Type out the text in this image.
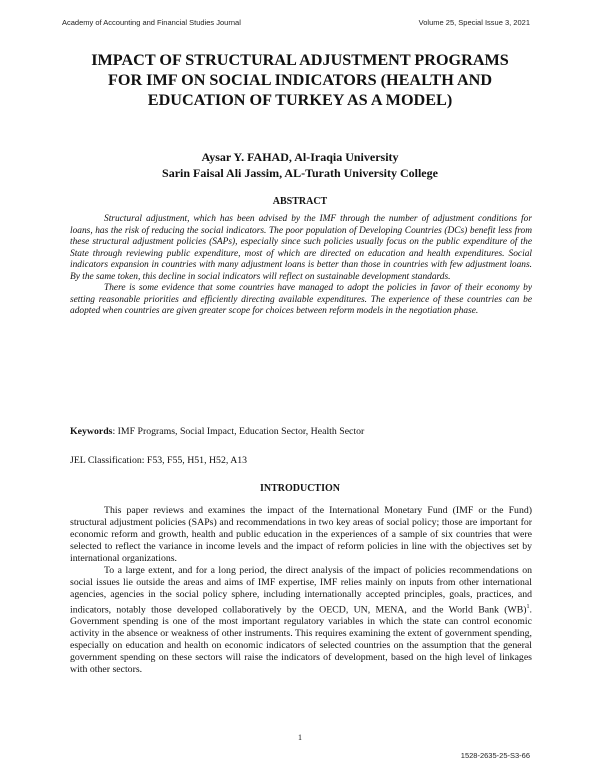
Academy of Accounting and Financial Studies Journal	Volume 25, Special Issue 3, 2021
IMPACT OF STRUCTURAL ADJUSTMENT PROGRAMS FOR IMF ON SOCIAL INDICATORS (HEALTH AND EDUCATION OF TURKEY AS A MODEL)
Aysar Y. FAHAD, Al-Iraqia University
Sarin Faisal Ali Jassim, AL-Turath University College
ABSTRACT

Structural adjustment, which has been advised by the IMF through the number of adjustment conditions for loans, has the risk of reducing the social indicators. The poor population of Developing Countries (DCs) benefit less from these structural adjustment policies (SAPs), especially since such policies usually focus on the public expenditure of the State through reviewing public expenditure, most of which are directed on education and health expenditures. Social indicators expansion in countries with many adjustment loans is better than those in countries with few adjustment loans. By the same token, this decline in social indicators will reflect on sustainable development standards.

There is some evidence that some countries have managed to adopt the policies in favor of their economy by setting reasonable priorities and efficiently directing available expenditures. The experience of these countries can be adopted when countries are given greater scope for choices between reform models in the negotiation phase.

Keywords: IMF Programs, Social Impact, Education Sector, Health Sector
JEL Classification: F53, F55, H51, H52, A13
INTRODUCTION

This paper reviews and examines the impact of the International Monetary Fund (IMF or the Fund) structural adjustment policies (SAPs) and recommendations in two key areas of social policy; those are important for economic reform and growth, health and public education in the experiences of a sample of six countries that were selected to reflect the variance in income levels and the impact of reform policies in line with the objectives set by international organizations.

To a large extent, and for a long period, the direct analysis of the impact of policies recommendations on social issues lie outside the areas and aims of IMF expertise, IMF relies mainly on inputs from other international agencies, agencies in the social policy sphere, including internationally accepted principles, goals, practices, and indicators, notably those developed collaboratively by the OECD, UN, MENA, and the World Bank (WB)$^1$. Government spending is one of the most important regulatory variables in which the state can control economic activity in the absence or weakness of other instruments. This requires examining the extent of government spending, especially on education and health on economic indicators of selected countries on the assumption that the general government spending on these sectors will raise the indicators of development, based on the high level of linkages with other sectors.

1
1528-2635-25-S3-66
